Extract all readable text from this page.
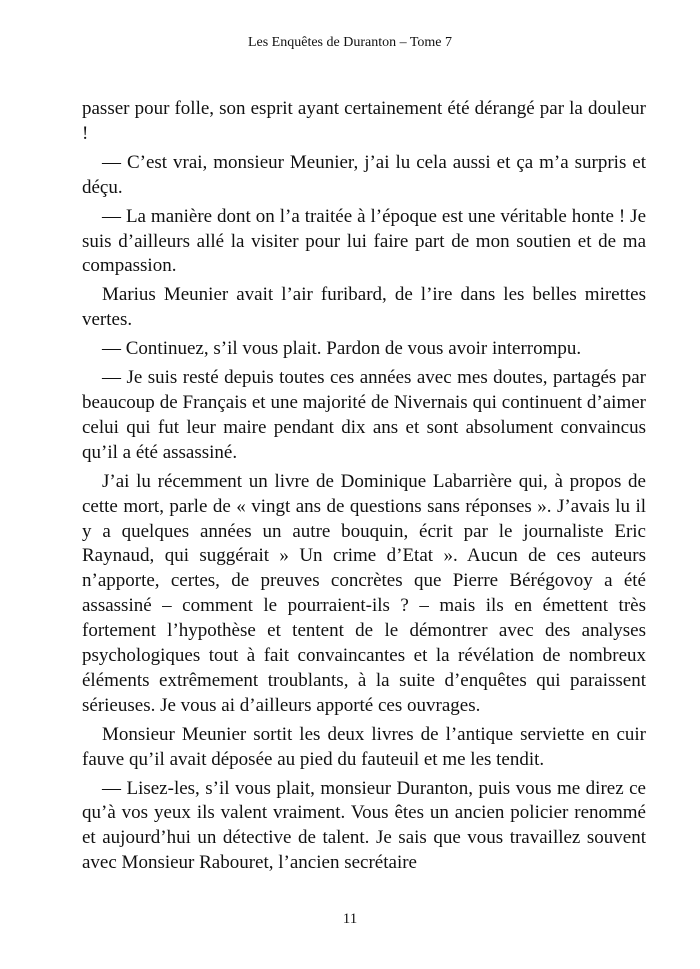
Les Enquêtes de Duranton – Tome 7

passer pour folle, son esprit ayant certainement été dérangé par la douleur !

— C’est vrai, monsieur Meunier, j’ai lu cela aussi et ça m’a surpris et déçu.

— La manière dont on l’a traitée à l’époque est une véritable honte ! Je suis d’ailleurs allé la visiter pour lui faire part de mon soutien et de ma compassion.

Marius Meunier avait l’air furibard, de l’ire dans les belles mirettes vertes.

— Continuez, s’il vous plait. Pardon de vous avoir interrompu.

— Je suis resté depuis toutes ces années avec mes doutes, partagés par beaucoup de Français et une majorité de Nivernais qui continuent d’aimer celui qui fut leur maire pendant dix ans et sont absolument convaincus qu’il a été assassiné.

J’ai lu récemment un livre de Dominique Labarrière qui, à propos de cette mort, parle de « vingt ans de questions sans réponses ». J’avais lu il y a quelques années un autre bouquin, écrit par le journaliste Eric Raynaud, qui suggérait » Un crime d’Etat ». Aucun de ces auteurs n’apporte, certes, de preuves concrètes que Pierre Bérégovoy a été assassiné – comment le pourraient-ils ? – mais ils en émettent très fortement l’hypothèse et tentent de le démontrer avec des analyses psychologiques tout à fait convaincantes et la révélation de nombreux éléments extrêmement troublants, à la suite d’enquêtes qui paraissent sérieuses. Je vous ai d’ailleurs apporté ces ouvrages.

Monsieur Meunier sortit les deux livres de l’antique serviette en cuir fauve qu’il avait déposée au pied du fauteuil et me les tendit.

— Lisez-les, s’il vous plait, monsieur Duranton, puis vous me direz ce qu’à vos yeux ils valent vraiment. Vous êtes un ancien policier renommé et aujourd’hui un détective de talent. Je sais que vous travaillez souvent avec Monsieur Rabouret, l’ancien secrétaire

11
